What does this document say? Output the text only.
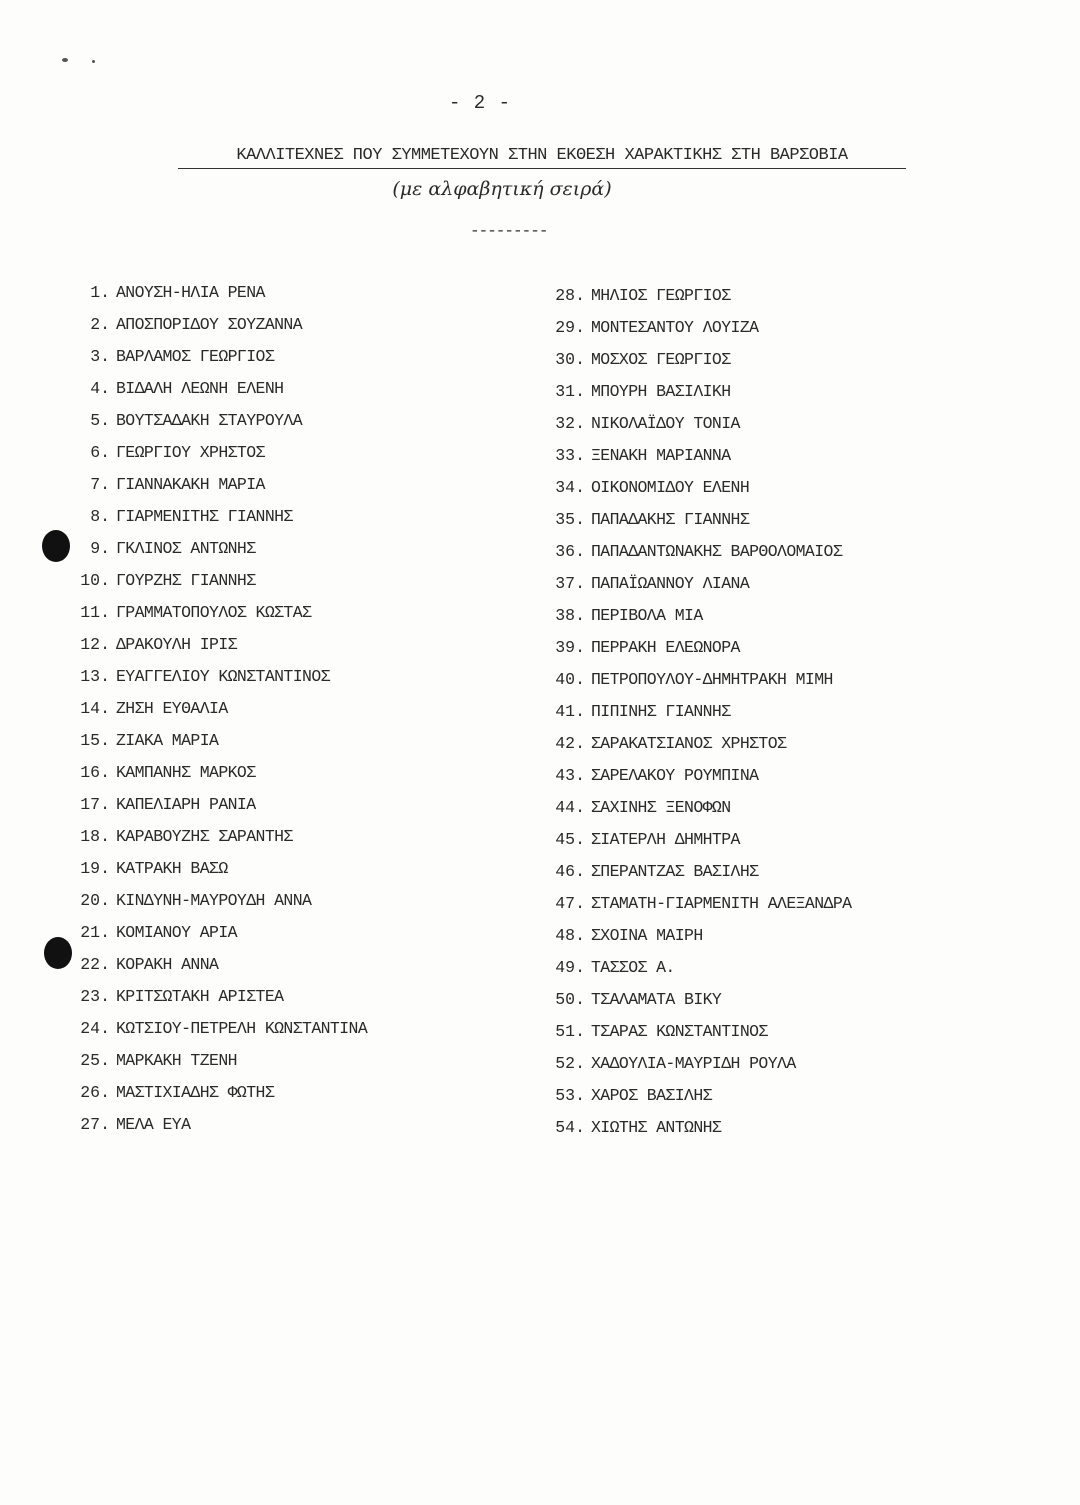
- 2 -
ΚΑΛΛΙΤΕΧΝΕΣ ΠΟΥ ΣΥΜΜΕΤΕΧΟΥΝ ΣΤΗΝ ΕΚΘΕΣΗ ΧΑΡΑΚΤΙΚΗΣ ΣΤΗ ΒΑΡΣΟΒΙΑ
(με αλφαβητική σειρά)
---------
1. ΑΝΟΥΣΗ-ΗΛΙΑ ΡΕΝΑ
2. ΑΠΟΣΠΟΡΙΔΟΥ ΣΟΥΖΑΝΝΑ
3. ΒΑΡΛΑΜΟΣ ΓΕΩΡΓΙΟΣ
4. ΒΙΔΑΛΗ ΛΕΩΝΗ ΕΛΕΝΗ
5. ΒΟΥΤΣΑΔΑΚΗ ΣΤΑΥΡΟΥΛΑ
6. ΓΕΩΡΓΙΟΥ ΧΡΗΣΤΟΣ
7. ΓΙΑΝΝΑΚΑΚΗ ΜΑΡΙΑ
8. ΓΙΑΡΜΕΝΙΤΗΣ ΓΙΑΝΝΗΣ
9. ΓΚΛΙΝΟΣ ΑΝΤΩΝΗΣ
10. ΓΟΥΡΖΗΣ ΓΙΑΝΝΗΣ
11. ΓΡΑΜΜΑΤΟΠΟΥΛΟΣ ΚΩΣΤΑΣ
12. ΔΡΑΚΟΥΛΗ ΙΡΙΣ
13. ΕΥΑΓΓΕΛΙΟΥ ΚΩΝΣΤΑΝΤΙΝΟΣ
14. ΖΗΣΗ ΕΥΘΑΛΙΑ
15. ΖΙΑΚΑ ΜΑΡΙΑ
16. ΚΑΜΠΑΝΗΣ ΜΑΡΚΟΣ
17. ΚΑΠΕΛΙΑΡΗ ΡΑΝΙΑ
18. ΚΑΡΑΒΟΥΖΗΣ ΣΑΡΑΝΤΗΣ
19. ΚΑΤΡΑΚΗ ΒΑΣΩ
20. ΚΙΝΔΥΝΗ-ΜΑΥΡΟΥΔΗ ΑΝΝΑ
21. ΚΟΜΙΑΝΟΥ ΑΡΙΑ
22. ΚΟΡΑΚΗ ΑΝΝΑ
23. ΚΡΙΤΣΩΤΑΚΗ ΑΡΙΣΤΕΑ
24. ΚΩΤΣΙΟΥ-ΠΕΤΡΕΛΗ ΚΩΝΣΤΑΝΤΙΝΑ
25. ΜΑΡΚΑΚΗ ΤΖΕΝΗ
26. ΜΑΣΤΙΧΙΑΔΗΣ ΦΩΤΗΣ
27. ΜΕΛΑ ΕΥΑ
28. ΜΗΛΙΟΣ ΓΕΩΡΓΙΟΣ
29. ΜΟΝΤΕΣΑΝΤΟΥ ΛΟΥΙΖΑ
30. ΜΟΣΧΟΣ ΓΕΩΡΓΙΟΣ
31. ΜΠΟΥΡΗ ΒΑΣΙΛΙΚΗ
32. ΝΙΚΟΛΑΪΔΟΥ ΤΟΝΙΑ
33. ΞΕΝΑΚΗ ΜΑΡΙΑΝΝΑ
34. ΟΙΚΟΝΟΜΙΔΟΥ ΕΛΕΝΗ
35. ΠΑΠΑΔΑΚΗΣ ΓΙΑΝΝΗΣ
36. ΠΑΠΑΔΑΝΤΩΝΑΚΗΣ ΒΑΡΘΟΛΟΜΑΙΟΣ
37. ΠΑΠΑΪΩΑΝΝΟΥ ΛΙΑΝΑ
38. ΠΕΡΙΒΟΛΑ ΜΙΑ
39. ΠΕΡΡΑΚΗ ΕΛΕΩΝΟΡΑ
40. ΠΕΤΡΟΠΟΥΛΟΥ-ΔΗΜΗΤΡΑΚΗ ΜΙΜΗ
41. ΠΙΠΙΝΗΣ ΓΙΑΝΝΗΣ
42. ΣΑΡΑΚΑΤΣΙΑΝΟΣ ΧΡΗΣΤΟΣ
43. ΣΑΡΕΛΑΚΟΥ ΡΟΥΜΠΙΝΑ
44. ΣΑΧΙΝΗΣ ΞΕΝΟΦΩΝ
45. ΣΙΑΤΕΡΛΗ ΔΗΜΗΤΡΑ
46. ΣΠΕΡΑΝΤΖΑΣ ΒΑΣΙΛΗΣ
47. ΣΤΑΜΑΤΗ-ΓΙΑΡΜΕΝΙΤΗ ΑΛΕΞΑΝΔΡΑ
48. ΣΧΟΙΝΑ ΜΑΙΡΗ
49. ΤΑΣΣΟΣ Α.
50. ΤΣΑΛΑΜΑΤΑ ΒΙΚΥ
51. ΤΣΑΡΑΣ ΚΩΝΣΤΑΝΤΙΝΟΣ
52. ΧΑΔΟΥΛΙΑ-ΜΑΥΡΙΔΗ ΡΟΥΛΑ
53. ΧΑΡΟΣ ΒΑΣΙΛΗΣ
54. ΧΙΩΤΗΣ ΑΝΤΩΝΗΣ
